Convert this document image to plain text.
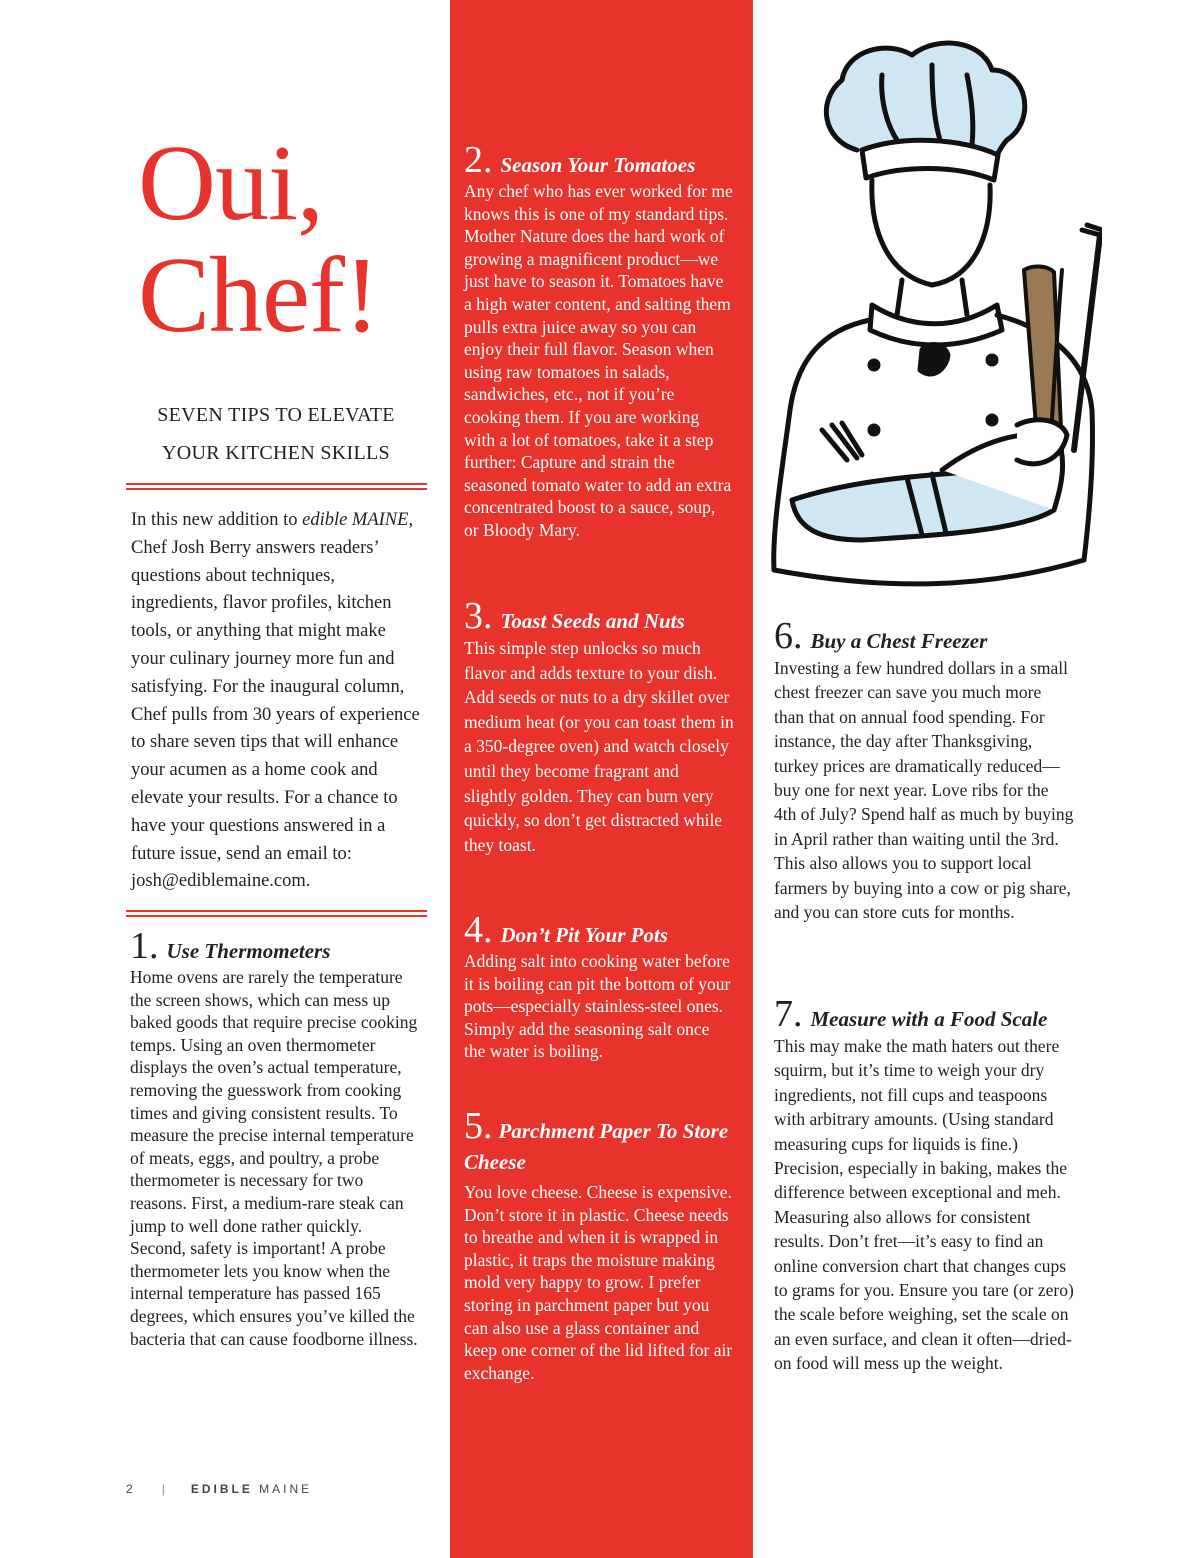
Oui,
Chef!
SEVEN TIPS TO ELEVATE
YOUR KITCHEN SKILLS
In this new addition to edible MAINE, Chef Josh Berry answers readers’ questions about techniques, ingredients, flavor profiles, kitchen tools, or anything that might make your culinary journey more fun and satisfying. For the inaugural column, Chef pulls from 30 years of experience to share seven tips that will enhance your acumen as a home cook and elevate your results. For a chance to have your questions answered in a future issue, send an email to: josh@ediblemaine.com.
1. Use Thermometers
Home ovens are rarely the temperature the screen shows, which can mess up baked goods that require precise cooking temps. Using an oven thermometer displays the oven’s actual temperature, removing the guesswork from cooking times and giving consistent results. To measure the precise internal temperature of meats, eggs, and poultry, a probe thermometer is necessary for two reasons. First, a medium-rare steak can jump to well done rather quickly. Second, safety is important! A probe thermometer lets you know when the internal temperature has passed 165 degrees, which ensures you’ve killed the bacteria that can cause foodborne illness.
2. Season Your Tomatoes
Any chef who has ever worked for me knows this is one of my standard tips. Mother Nature does the hard work of growing a magnificent product—we just have to season it. Tomatoes have a high water content, and salting them pulls extra juice away so you can enjoy their full flavor. Season when using raw tomatoes in salads, sandwiches, etc., not if you’re cooking them. If you are working with a lot of tomatoes, take it a step further: Capture and strain the seasoned tomato water to add an extra concentrated boost to a sauce, soup, or Bloody Mary.
3. Toast Seeds and Nuts
This simple step unlocks so much flavor and adds texture to your dish. Add seeds or nuts to a dry skillet over medium heat (or you can toast them in a 350-degree oven) and watch closely until they become fragrant and slightly golden. They can burn very quickly, so don’t get distracted while they toast.
4. Don’t Pit Your Pots
Adding salt into cooking water before it is boiling can pit the bottom of your pots—especially stainless-steel ones. Simply add the seasoning salt once the water is boiling.
5. Parchment Paper To Store Cheese
You love cheese. Cheese is expensive. Don’t store it in plastic. Cheese needs to breathe and when it is wrapped in plastic, it traps the moisture making mold very happy to grow. I prefer storing in parchment paper but you can also use a glass container and keep one corner of the lid lifted for air exchange.
6. Buy a Chest Freezer
Investing a few hundred dollars in a small chest freezer can save you much more than that on annual food spending. For instance, the day after Thanksgiving, turkey prices are dramatically reduced—buy one for next year. Love ribs for the 4th of July? Spend half as much by buying in April rather than waiting until the 3rd. This also allows you to support local farmers by buying into a cow or pig share, and you can store cuts for months.
7. Measure with a Food Scale
This may make the math haters out there squirm, but it’s time to weigh your dry ingredients, not fill cups and teaspoons with arbitrary amounts. (Using standard measuring cups for liquids is fine.) Precision, especially in baking, makes the difference between exceptional and meh. Measuring also allows for consistent results. Don’t fret—it’s easy to find an online conversion chart that changes cups to grams for you. Ensure you tare (or zero) the scale before weighing, set the scale on an even surface, and clean it often—dried-on food will mess up the weight.
2 | EDIBLE MAINE
